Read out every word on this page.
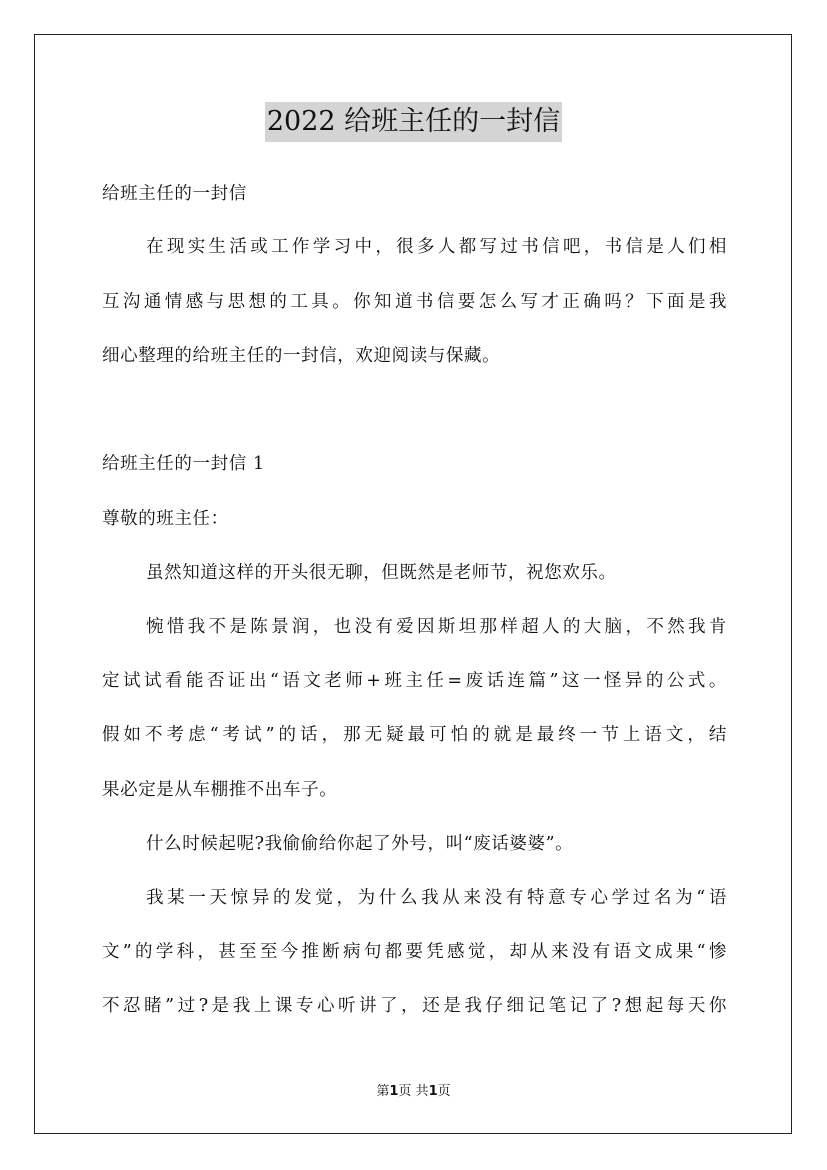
2022 给班主任的一封信

给班主任的一封信

在现实生活或工作学习中，很多人都写过书信吧，书信是人们相

互沟通情感与思想的工具。你知道书信要怎么写才正确吗？下面是我

细心整理的给班主任的一封信，欢迎阅读与保藏。

给班主任的一封信 1

尊敬的班主任：

虽然知道这样的开头很无聊，但既然是老师节，祝您欢乐。

惋惜我不是陈景润，也没有爱因斯坦那样超人的大脑，不然我肯

定试试看能否证出“语文老师+班主任=废话连篇”这一怪异的公式。

假如不考虑“考试”的话，那无疑最可怕的就是最终一节上语文，结

果必定是从车棚推不出车子。

什么时候起呢?我偷偷给你起了外号，叫“废话婆婆”。

我某一天惊异的发觉，为什么我从来没有特意专心学过名为“语

文”的学科，甚至至今推断病句都要凭感觉，却从来没有语文成果“惨

不忍睹”过?是我上课专心听讲了，还是我仔细记笔记了?想起每天你

第1页 共1页
